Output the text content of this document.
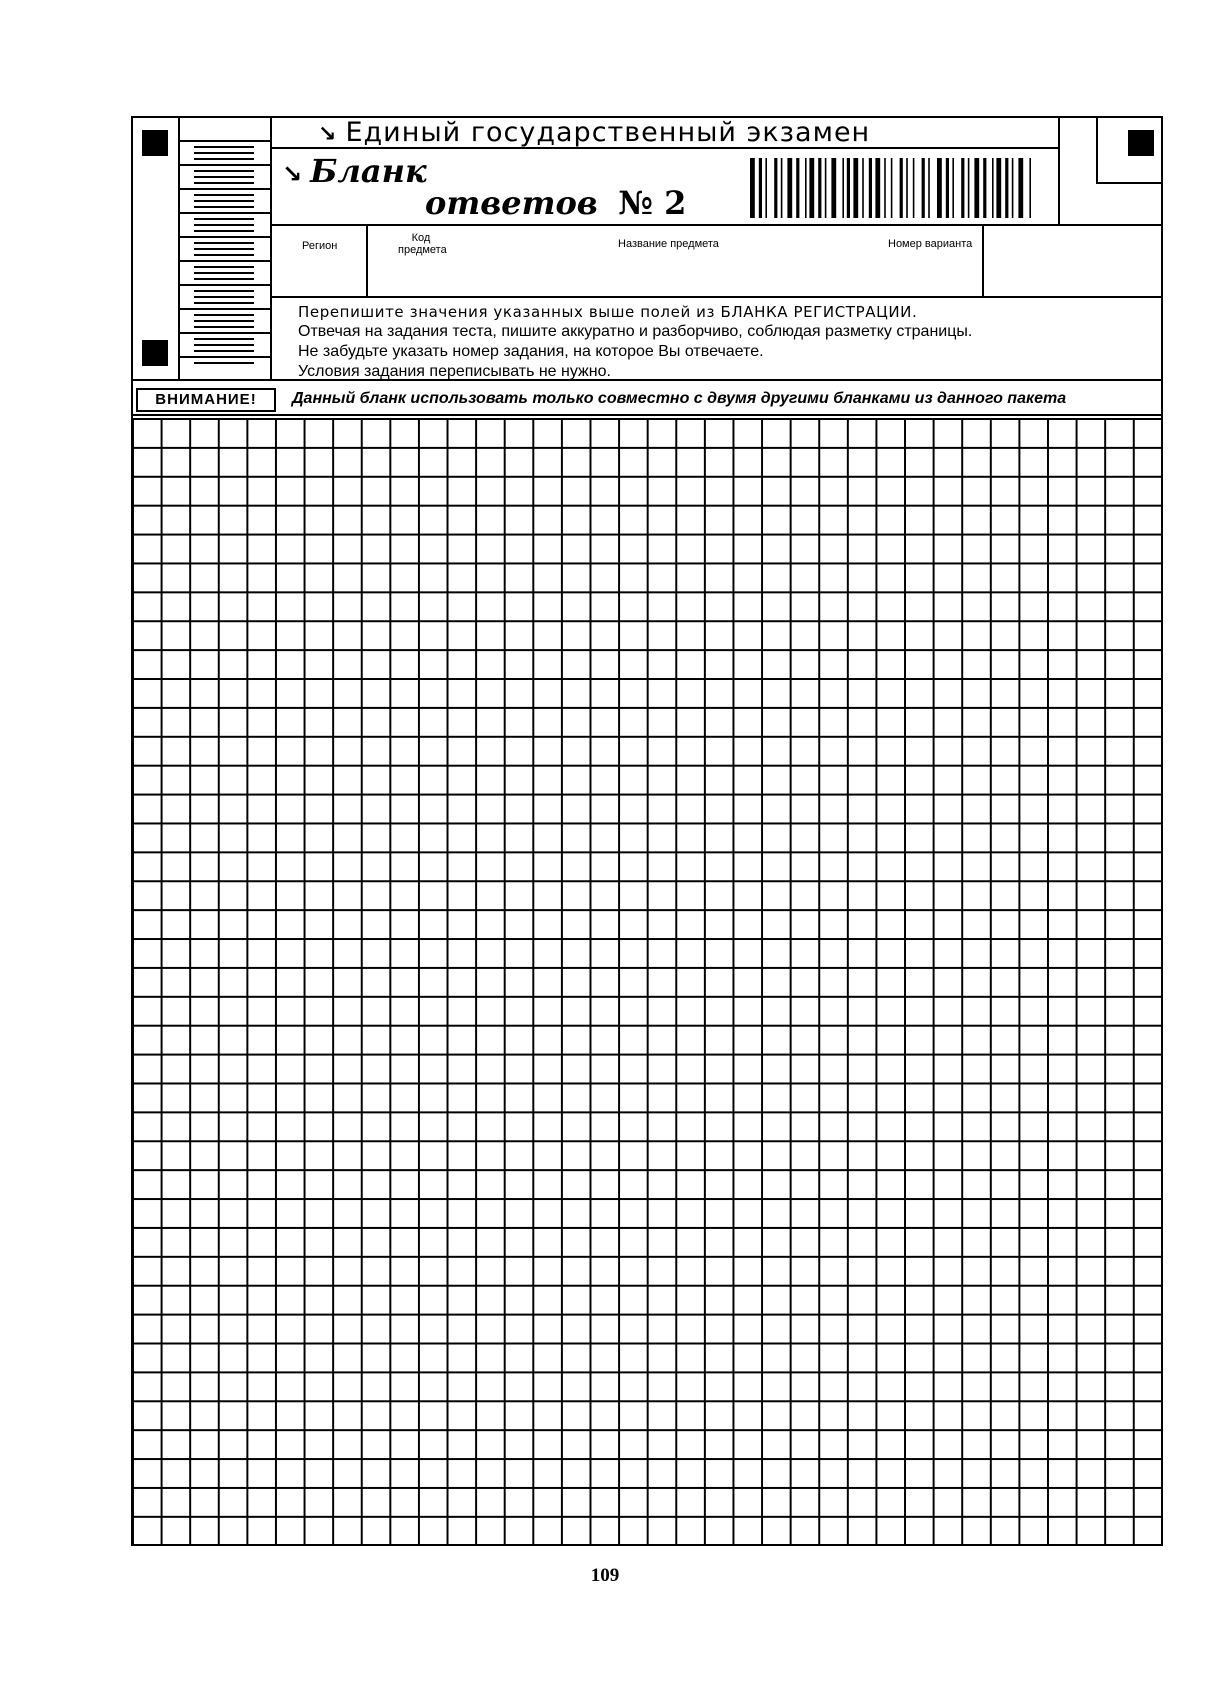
↘ Единый государственный экзамен
↘ Бланк
ответов № 2
Регион
Код предмета	Название предмета	Номер варианта
Перепишите значения указанных выше полей из БЛАНКА РЕГИСТРАЦИИ.
Отвечая на задания теста, пишите аккуратно и разборчиво, соблюдая разметку страницы.
Не забудьте указать номер задания, на которое Вы отвечаете.
Условия задания переписывать не нужно.
ВНИМАНИЕ!	Данный бланк использовать только совместно с двумя другими бланками из данного пакета
109
